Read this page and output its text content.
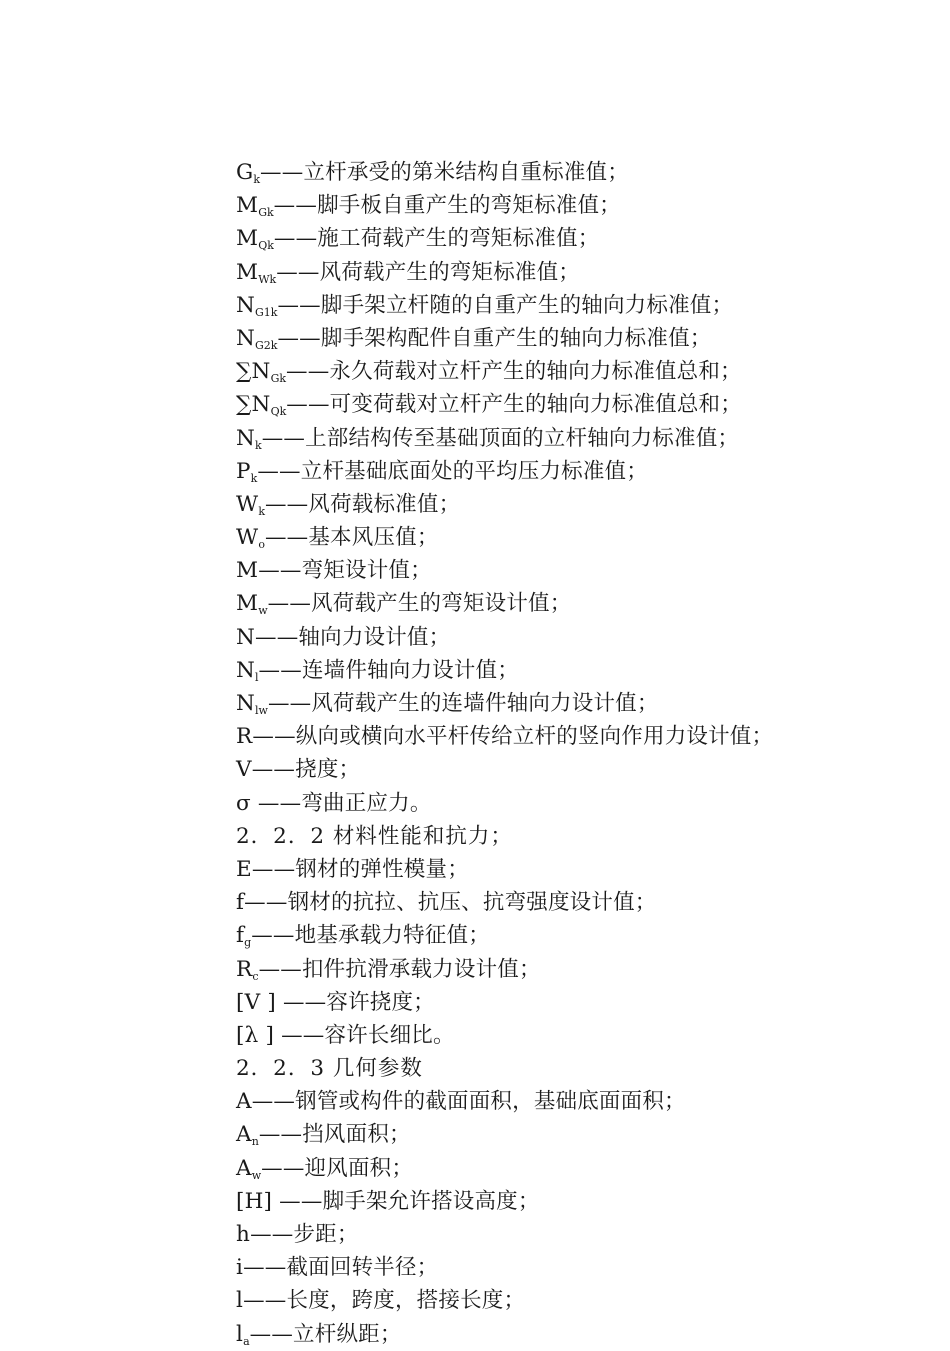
$G_k——$立杆承受的第米结构自重标准值；
$M_{Gk}——$脚手板自重产生的弯矩标准值；
$M_{Qk}——$施工荷载产生的弯矩标准值；
$M_{Wk}——$风荷载产生的弯矩标准值；
$N_{G1k}——$脚手架立杆随的自重产生的轴向力标准值；
$N_{G2k}——$脚手架构配件自重产生的轴向力标准值；
$\sum N_{Gk}——$永久荷载对立杆产生的轴向力标准值总和；
$\sum N_{Qk}——$可变荷载对立杆产生的轴向力标准值总和；
$N_k——$上部结构传至基础顶面的立杆轴向力标准值；
$P_k——$立杆基础底面处的平均压力标准值；
$W_k——$风荷载标准值；
$W_o——$基本风压值；
M——弯矩设计值；
$M_w——$风荷载产生的弯矩设计值；
N——轴向力设计值；
$N_l——$连墙件轴向力设计值；
$N_{lw}——$风荷载产生的连墙件轴向力设计值；
R——纵向或横向水平杆传给立杆的竖向作用力设计值；
V——挠度；
σ ——弯曲正应力。
2．2．2 材料性能和抗力；
E——钢材的弹性模量；
f——钢材的抗拉、抗压、抗弯强度设计值；
$f_g——$地基承载力特征值；
$R_c——$扣件抗滑承载力设计值；
[V ] ——容许挠度；
[λ ] ——容许长细比。
2．2．3 几何参数
A——钢管或构件的截面面积，基础底面面积；
$A_n——$挡风面积；
$A_w——$迎风面积；
[H] ——脚手架允许搭设高度；
h——步距；
i——截面回转半径；
l——长度，跨度，搭接长度；
$l_a——$立杆纵距；
